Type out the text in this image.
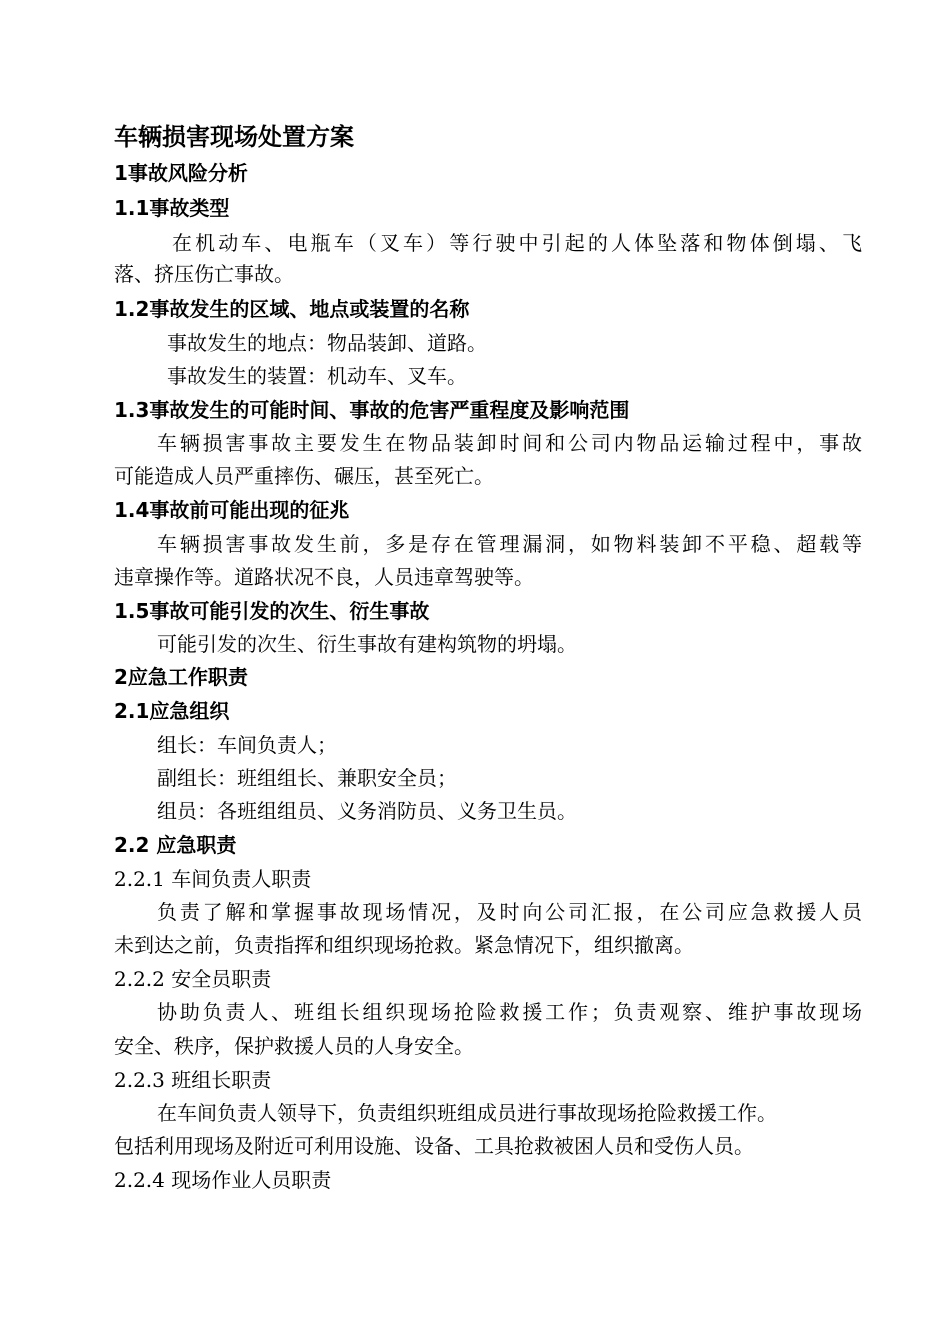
车辆损害现场处置方案
1事故风险分析
1.1事故类型
在机动车、电瓶车（叉车）等行驶中引起的人体坠落和物体倒塌、飞
落、挤压伤亡事故。
1.2事故发生的区域、地点或装置的名称
事故发生的地点：物品装卸、道路。
事故发生的装置：机动车、叉车。
1.3事故发生的可能时间、事故的危害严重程度及影响范围
车辆损害事故主要发生在物品装卸时间和公司内物品运输过程中，事故
可能造成人员严重摔伤、碾压，甚至死亡。
1.4事故前可能出现的征兆
车辆损害事故发生前，多是存在管理漏洞，如物料装卸不平稳、超载等
违章操作等。道路状况不良，人员违章驾驶等。
1.5事故可能引发的次生、衍生事故
可能引发的次生、衍生事故有建构筑物的坍塌。
2应急工作职责
2.1应急组织
组长：车间负责人；
副组长：班组组长、兼职安全员；
组员：各班组组员、义务消防员、义务卫生员。
2.2 应急职责
2.2.1 车间负责人职责
负责了解和掌握事故现场情况，及时向公司汇报，在公司应急救援人员
未到达之前，负责指挥和组织现场抢救。紧急情况下，组织撤离。
2.2.2 安全员职责
协助负责人、班组长组织现场抢险救援工作；负责观察、维护事故现场
安全、秩序，保护救援人员的人身安全。
2.2.3 班组长职责
在车间负责人领导下，负责组织班组成员进行事故现场抢险救援工作。
包括利用现场及附近可利用设施、设备、工具抢救被困人员和受伤人员。
2.2.4 现场作业人员职责
